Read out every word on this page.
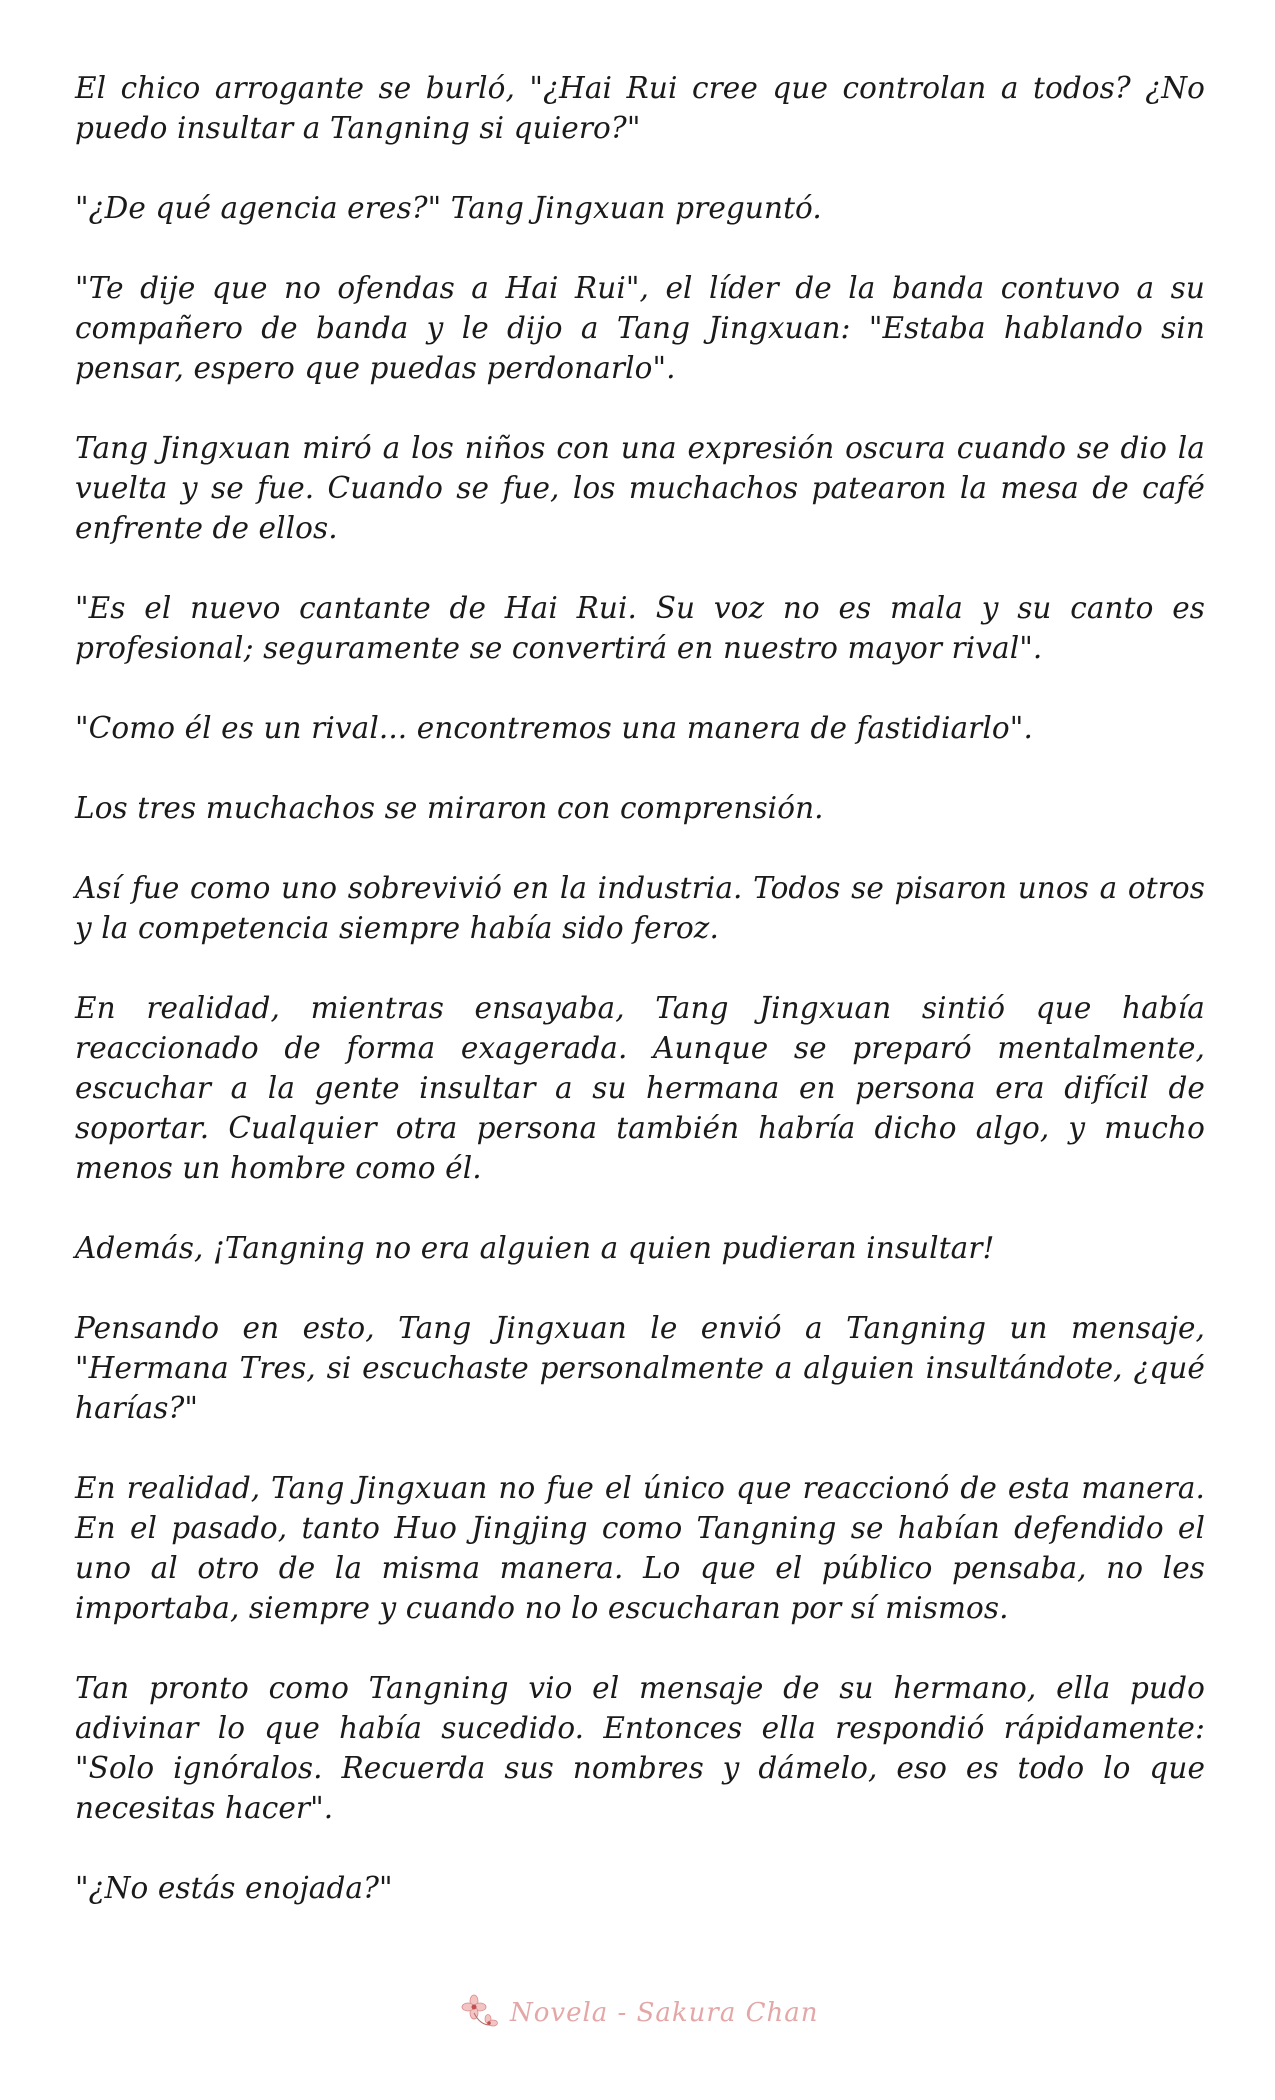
El chico arrogante se burló, "¿Hai Rui cree que controlan a todos? ¿No puedo insultar a Tangning si quiero?"

"¿De qué agencia eres?" Tang Jingxuan preguntó.

"Te dije que no ofendas a Hai Rui", el líder de la banda contuvo a su compañero de banda y le dijo a Tang Jingxuan: "Estaba hablando sin pensar, espero que puedas perdonarlo".

Tang Jingxuan miró a los niños con una expresión oscura cuando se dio la vuelta y se fue. Cuando se fue, los muchachos patearon la mesa de café enfrente de ellos.

"Es el nuevo cantante de Hai Rui. Su voz no es mala y su canto es profesional; seguramente se convertirá en nuestro mayor rival".

"Como él es un rival... encontremos una manera de fastidiarlo".

Los tres muchachos se miraron con comprensión.

Así fue como uno sobrevivió en la industria. Todos se pisaron unos a otros y la competencia siempre había sido feroz.

En realidad, mientras ensayaba, Tang Jingxuan sintió que había reaccionado de forma exagerada. Aunque se preparó mentalmente, escuchar a la gente insultar a su hermana en persona era difícil de soportar. Cualquier otra persona también habría dicho algo, y mucho menos un hombre como él.

Además, ¡Tangning no era alguien a quien pudieran insultar!

Pensando en esto, Tang Jingxuan le envió a Tangning un mensaje, "Hermana Tres, si escuchaste personalmente a alguien insultándote, ¿qué harías?"

En realidad, Tang Jingxuan no fue el único que reaccionó de esta manera. En el pasado, tanto Huo Jingjing como Tangning se habían defendido el uno al otro de la misma manera. Lo que el público pensaba, no les importaba, siempre y cuando no lo escucharan por sí mismos.

Tan pronto como Tangning vio el mensaje de su hermano, ella pudo adivinar lo que había sucedido. Entonces ella respondió rápidamente: "Solo ignóralos. Recuerda sus nombres y dámelo, eso es todo lo que necesitas hacer".

"¿No estás enojada?"

Novela - Sakura Chan
